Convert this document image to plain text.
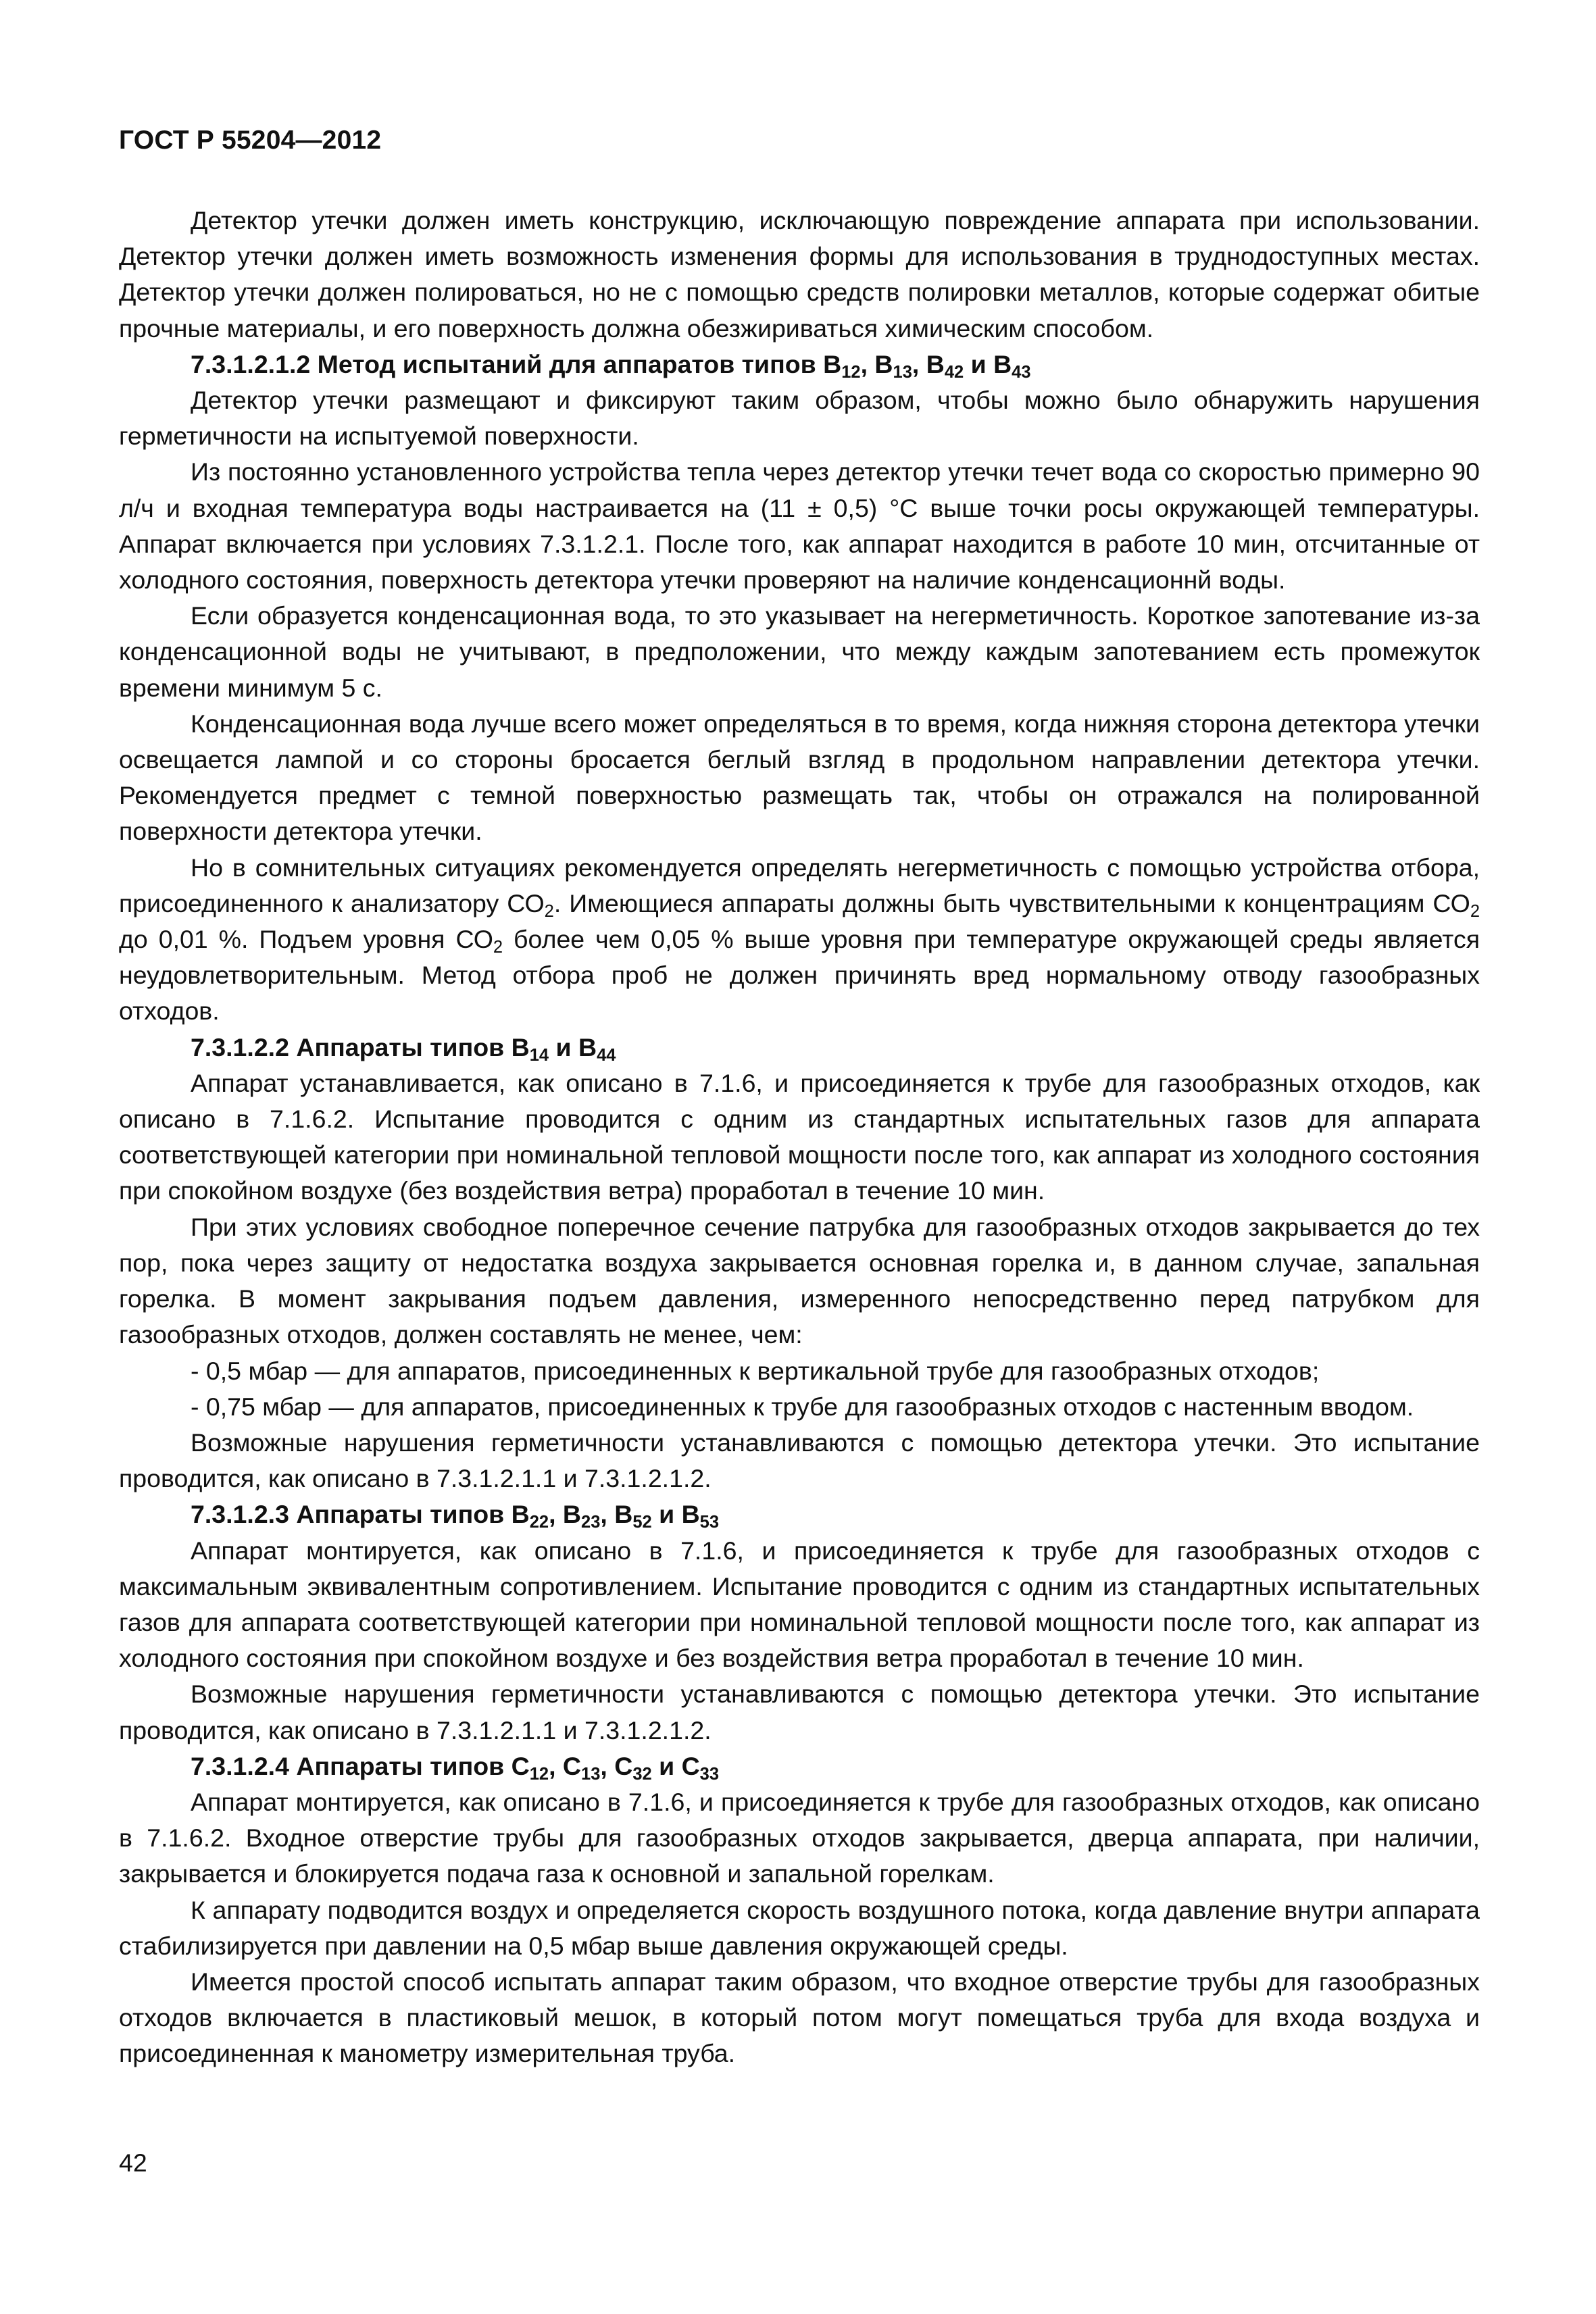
ГОСТ Р 55204—2012

Детектор утечки должен иметь конструкцию, исключающую повреждение аппарата при использовании. Детектор утечки должен иметь возможность изменения формы для использования в труднодоступных местах. Детектор утечки должен полироваться, но не с помощью средств полировки металлов, которые содержат обитые прочные материалы, и его поверхность должна обезжириваться химическим способом.

7.3.1.2.1.2 Метод испытаний для аппаратов типов $В_{12}$, $В_{13}$, $В_{42}$ и $В_{43}$

Детектор утечки размещают и фиксируют таким образом, чтобы можно было обнаружить нарушения герметичности на испытуемой поверхности.

Из постоянно установленного устройства тепла через детектор утечки течет вода со скоростью примерно 90 л/ч и входная температура воды настраивается на (11 ± 0,5) °С выше точки росы окружающей температуры. Аппарат включается при условиях 7.3.1.2.1. После того, как аппарат находится в работе 10 мин, отсчитанные от холодного состояния, поверхность детектора утечки проверяют на наличие конденсационнй воды.

Если образуется конденсационная вода, то это указывает на негерметичность. Короткое запотевание из-за конденсационной воды не учитывают, в предположении, что между каждым запотеванием есть промежуток времени минимум 5 с.

Конденсационная вода лучше всего может определяться в то время, когда нижняя сторона детектора утечки освещается лампой и со стороны бросается беглый взгляд в продольном направлении детектора утечки. Рекомендуется предмет с темной поверхностью размещать так, чтобы он отражался на полированной поверхности детектора утечки.

Но в сомнительных ситуациях рекомендуется определять негерметичность с помощью устройства отбора, присоединенного к анализатору $СО_2$. Имеющиеся аппараты должны быть чувствительными к концентрациям $СО_2$ до 0,01 %. Подъем уровня $СО_2$ более чем 0,05 % выше уровня при температуре окружающей среды является неудовлетворительным. Метод отбора проб не должен причинять вред нормальному отводу газообразных отходов.

7.3.1.2.2 Аппараты типов $В_{14}$ и $В_{44}$

Аппарат устанавливается, как описано в 7.1.6, и присоединяется к трубе для газообразных отходов, как описано в 7.1.6.2. Испытание проводится с одним из стандартных испытательных газов для аппарата соответствующей категории при номинальной тепловой мощности после того, как аппарат из холодного состояния при спокойном воздухе (без воздействия ветра) проработал в течение 10 мин.

При этих условиях свободное поперечное сечение патрубка для газообразных отходов закрывается до тех пор, пока через защиту от недостатка воздуха закрывается основная горелка и, в данном случае, запальная горелка. В момент закрывания подъем давления, измеренного непосредственно перед патрубком для газообразных отходов, должен составлять не менее, чем:

- 0,5 мбар — для аппаратов, присоединенных к вертикальной трубе для газообразных отходов;

- 0,75 мбар — для аппаратов, присоединенных к трубе для газообразных отходов с настенным вводом.

Возможные нарушения герметичности устанавливаются с помощью детектора утечки. Это испытание проводится, как описано в 7.3.1.2.1.1 и 7.3.1.2.1.2.

7.3.1.2.3 Аппараты типов $В_{22}$, $В_{23}$, $В_{52}$ и $В_{53}$

Аппарат монтируется, как описано в 7.1.6, и присоединяется к трубе для газообразных отходов с максимальным эквивалентным сопротивлением. Испытание проводится с одним из стандартных испытательных газов для аппарата соответствующей категории при номинальной тепловой мощности после того, как аппарат из холодного состояния при спокойном воздухе и без воздействия ветра проработал в течение 10 мин.

Возможные нарушения герметичности устанавливаются с помощью детектора утечки. Это испытание проводится, как описано в 7.3.1.2.1.1 и 7.3.1.2.1.2.

7.3.1.2.4 Аппараты типов $С_{12}$, $С_{13}$, $С_{32}$ и $С_{33}$

Аппарат монтируется, как описано в 7.1.6, и присоединяется к трубе для газообразных отходов, как описано в 7.1.6.2. Входное отверстие трубы для газообразных отходов закрывается, дверца аппарата, при наличии, закрывается и блокируется подача газа к основной и запальной горелкам.

К аппарату подводится воздух и определяется скорость воздушного потока, когда давление внутри аппарата стабилизируется при давлении на 0,5 мбар выше давления окружающей среды.

Имеется простой способ испытать аппарат таким образом, что входное отверстие трубы для газообразных отходов включается в пластиковый мешок, в который потом могут помещаться труба для входа воздуха и присоединенная к манометру измерительная труба.

42
